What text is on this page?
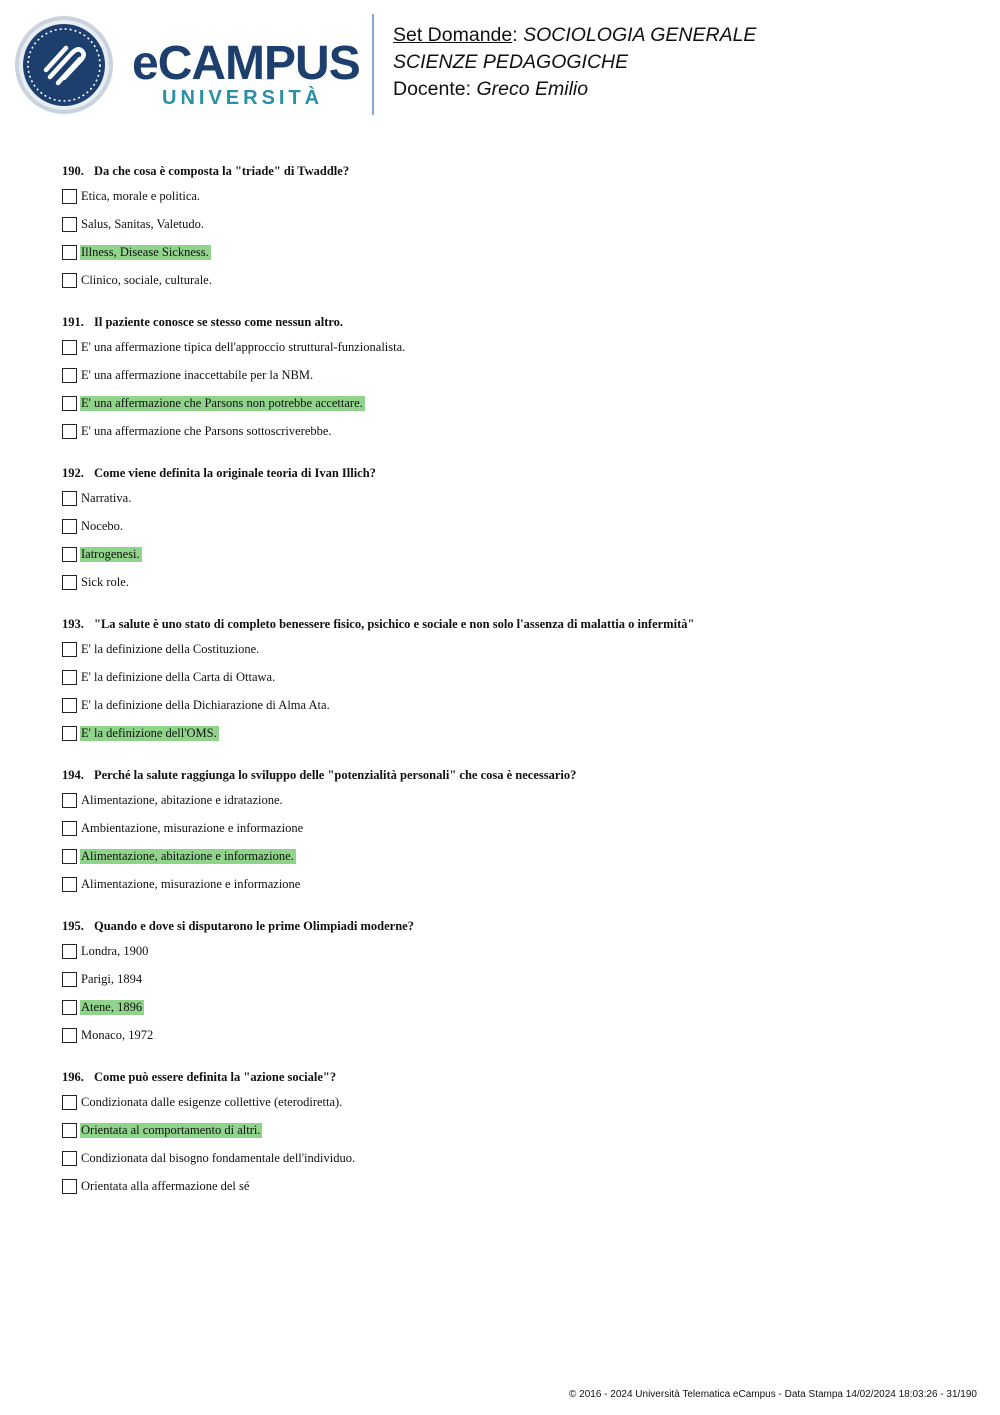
eCAMPUS
UNIVERSITÀ
Set Domande: SOCIOLOGIA GENERALE
SCIENZE PEDAGOGICHE
Docente: Greco Emilio
190. Da che cosa è composta la "triade" di Twaddle?
Etica, morale e politica.
Salus, Sanitas, Valetudo.
Illness, Disease Sickness.
Clinico, sociale, culturale.
191. Il paziente conosce se stesso come nessun altro.
E' una affermazione tipica dell'approccio struttural-funzionalista.
E' una affermazione inaccettabile per la NBM.
E' una affermazione che Parsons non potrebbe accettare.
E' una affermazione che Parsons sottoscriverebbe.
192. Come viene definita la originale teoria di Ivan Illich?
Narrativa.
Nocebo.
Iatrogenesi.
Sick role.
193. "La salute è uno stato di completo benessere fisico, psichico e sociale e non solo l'assenza di malattia o infermità"
E' la definizione della Costituzione.
E' la definizione della Carta di Ottawa.
E' la definizione della Dichiarazione di Alma Ata.
E' la definizione dell'OMS.
194. Perché la salute raggiunga lo sviluppo delle "potenzialità personali" che cosa è necessario?
Alimentazione, abitazione e idratazione.
Ambientazione, misurazione e informazione
Alimentazione, abitazione e informazione.
Alimentazione, misurazione e informazione
195. Quando e dove si disputarono le prime Olimpiadi moderne?
Londra, 1900
Parigi, 1894
Atene, 1896
Monaco, 1972
196. Come può essere definita la "azione sociale"?
Condizionata dalle esigenze collettive (eterodiretta).
Orientata al comportamento di altri.
Condizionata dal bisogno fondamentale dell'individuo.
Orientata alla affermazione del sé
© 2016 - 2024 Università Telematica eCampus - Data Stampa 14/02/2024 18:03:26 - 31/190
